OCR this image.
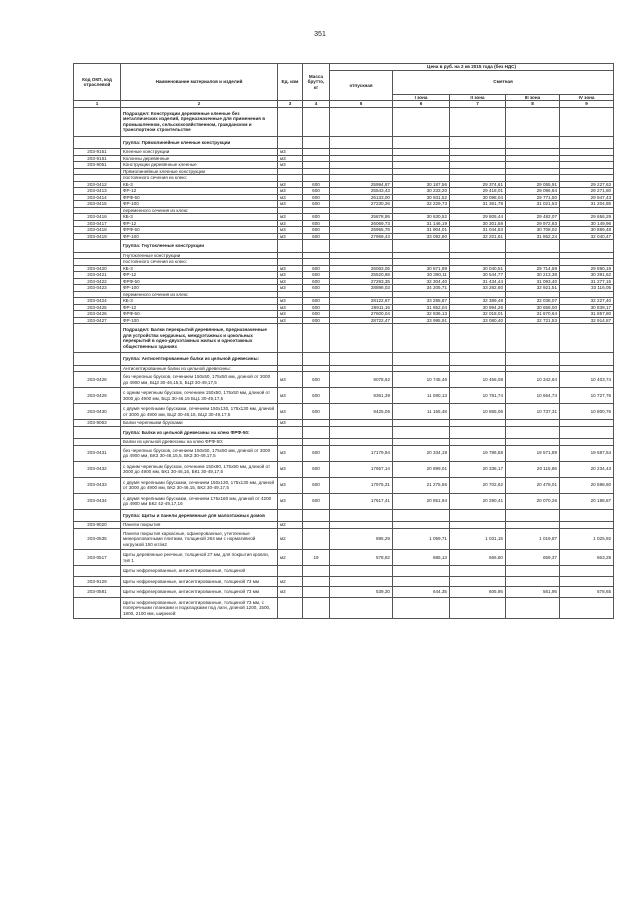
351
Код ОКП, код отраслевой	Наименование материалов и изделий	Ед. изм	Масса брутто, кг	Цена в руб. на 2 кв 2015 года (без НДС)				
				отпускная	Сметная			
					I зона	II зона	III зона	IV зона
1	2	3	4	5	6	7	8	9
	Подраздел: Конструкции деревянные клееные без металлических изделий, предназначенные для применения в промышленном, сельскохозяйственном, гражданском и транспортном строительстве							
	Группа: Прямолинейные клееные конструкции							
203-9151	Клееные конструкции	м3						
203-9161	Колонны деревянные	м3						
203-9051	Конструкции деревянные клееные	м3						
	Прямолинейные клееные конструкции							
	постоянного сечения из клею:							
203-0412	КБ-3	м3	600	25994,87	30 187,56	29 374,61	29 055,91	29 227,63
203-0413	ФР-12	м3	600	25543,43	30 233,20	29 418,01	29 096,84	29 271,80
203-0414	ФРФ-50	м3	600	26133,00	30 931,52	30 098,04	29 771,50	29 947,43
203-0415	ФР-100	м3	600	27230,26	32 229,73	31 361,78	31 021,53	31 204,85
	переменного сечения из клею:							
203-0416	КБ-3	м3	600	25878,95	30 630,52	29 805,44	29 482,07	29 656,29
203-0417	ФР-12	м3	600	26069,73	31 146,19	30 301,58	29 972,83	30 149,96
203-0418	ФРФ-50	м3	600	26955,76	31 904,01	31 044,83	30 708,02	30 889,48
203-0419	ФР-100	м3	600	27959,43	33 092,80	32 201,61	31 852,24	32 040,47
	Группа: Гнутоклееные конструкции							
	Гнутоклееные конструкции							
	постоянного сечения из клею:							
203-0420	КБ-3	м3	600	26083,05	30 871,99	30 040,51	29 714,59	29 890,19
203-0421	ФР-12	м3	600	25520,88	30 390,11	30 544,77	30 213,38	30 391,62
203-0422	ФРФ-50	м3	600	27293,35	32 304,40	31 434,44	31 093,40	31 277,15
203-0423	ФР-100	м3	600	28898,03	34 205,71	33 282,60	32 921,51	33 116,05
	переменного сечения из клею:							
203-0424	КБ-3	м3	600	28122,67	33 285,87	32 389,48	32 038,07	32 227,40
203-0425	ФР-12	м3	600	26911,16	31 852,04	30 994,26	30 658,00	30 839,17
203-0426	ФРФ-50	м3	600	27600,04	32 936,13	32 018,01	31 670,64	31 857,80
203-0427	ФР-100	м3	600	28722,47	33 995,91	33 080,40	32 721,53	32 914,87
	Подраздел: Балки перекрытий деревянные, предназначенные для устройства чердачных, междуэтажных и цокольных перекрытий в одно-двухэтажных жилых и одноэтажных общественных зданиях							
	Группа: Антисептированные балки из цельной древесины:							
	Антисептированные балки из цельной древесины:							
203-0428	без черепных брусков, сечением 150х50, 175х50 мм, длиной от 3000 до 4900 мм, БЦ3 30-46,15,5, БЦ3 30-49,17,5	м3	600	9078,62	10 745,46	10 456,08	10 342,64	10 403,74
203-0429	с одним черепным бруском, сечением 150х50, 175х50 мм, длиной от 3000 до 4900 мм, БЦ1 30-46,15 БЦ1 30-49,17,5	м3	600	9361,39	11 080,13	10 781,74	10 664,74	10 727,76
203-0430	с двумя черепными брусками, сечением 150х130, 175х130 мм, длиной от 3000 до 4900 мм, БЦ2 30-46,15, БЦ2 30-49,17,5	м3	600	9425,05	11 155,48	10 855,06	10 737,31	10 800,76
203-9063	Балки черепными брусками	м3						
	Группа: Балки из цельной древесины на клею ФРФ-50:							
	Балки из цельной древесины на клею ФРФ-50:							
203-0431	без черепных брусков, сечением 150х50, 175х50 мм, длиной от 3000 до 4900 мм, БКЗ 30-46,15,5, БКЗ 30-49,17,5	м3	600	17179,94	20 334,19	19 786,58	19 571,89	19 687,54
203-0432	с одним черепным бруском, сечением 150х90, 175х90 мм, длиной от 3000 до 4900 мм, БК1 30-46,15, БК1 30-49,17,5	м3	600	17657,14	20 899,01	20 335,17	20 115,86	20 234,43
203-0433	с двумя черепными брусками, сечением 150х130, 175х130 мм, длиной от 3000 до 4900 мм, БК2 30-46,15, БК2 30-49,17,5	м3	600	17975,31	21 275,56	20 702,62	20 478,01	20 598,60
203-0434	с двумя черепными брусками, сечением 175х160 мм, длиной от 4200 до 4900 мм БК2 42-49,17,16	м3	600	17617,41	20 851,94	20 290,41	20 070,26	20 188,87
	Группа: Щиты и панели деревянные для малоэтажных домов							
203-9020	Панели покрытия	м2						
203-0535	Панели покрытия каркасные, офанерованные, утепленные минераловатными плитами, толщиной 264 мм с нормативной нагрузкой 150 кгс/м2	м2		895,29	1 059,71	1 031,15	1 019,87	1 025,92
203-0517	Щиты деревянные реечные, толщиной 27 мм, для покрытия кровли, тип 1	м2	19	578,82	685,13	666,60	659,37	663,28
	Щиты нефрезерованные, антисептированные, толщиной							
203-9129	Щиты нефрезерованные, антисептированные, толщиной 73 мм	м2						
203-0581	Щиты нефрезерованные, антисептированные, толщиной 73 мм	м2		539,30	644,35	605,95	561,95	578,65
	Щиты нефрезерованные, антисептированные, толщиной 73 мм, с поперечными планками и подкладками под лаги, длиной 1200, 1500, 1800, 2100 мм, шириной:							
